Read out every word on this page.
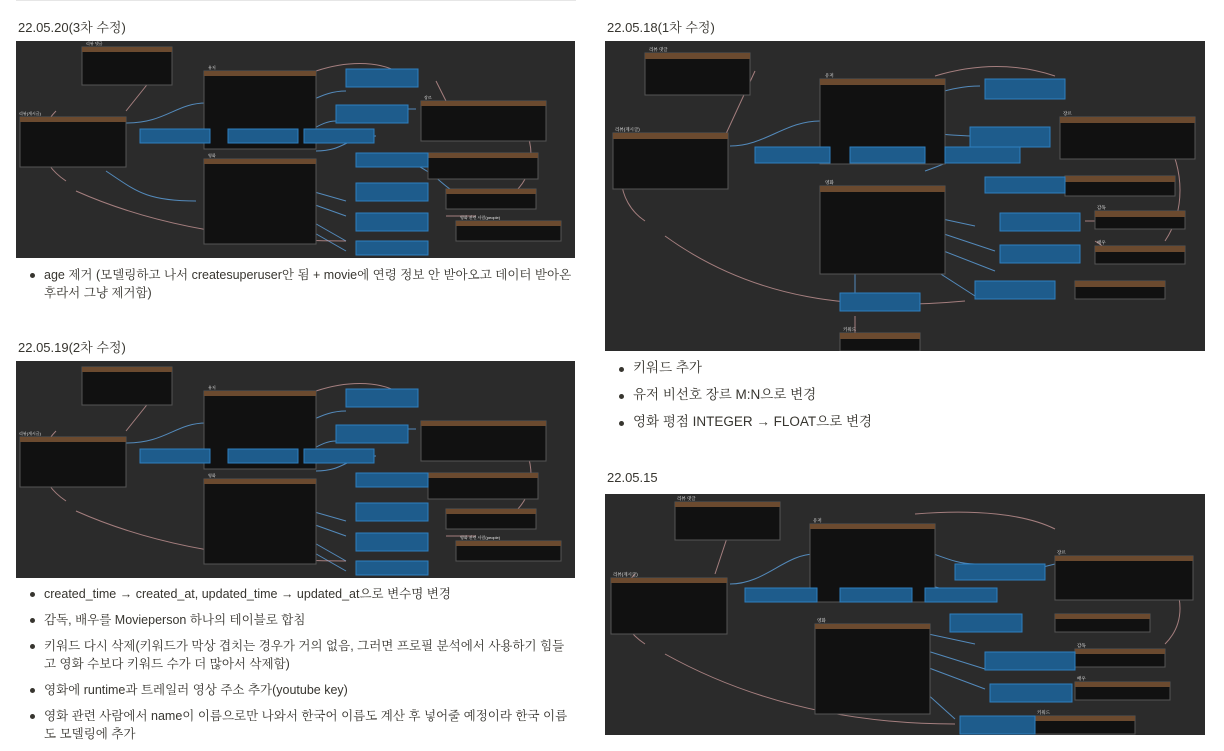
22.05.20(3차 수정)
리뷰(게시글)
리뷰 댓글
유저
영화
장르
영화 관련 사람(people)
age 제거 (모델링하고 나서 createsuperuser안 됨 + movie에 연령 정보 안 받아오고 데이터 받아온 후라서 그냥 제거함)
22.05.19(2차 수정)
리뷰(게시글)
유저
영화
영화 관련 사람(people)
created_time → created_at, updated_time → updated_at으로 변수명 변경
감독, 배우를 Movieperson 하나의 테이블로 합침
키워드 다시 삭제(키워드가 막상 겹치는 경우가 거의 없음, 그러면 프로필 분석에서 사용하기 힘들고 영화 수보다 키워드 수가 더 많아서 삭제함)
영화에 runtime과 트레일러 영상 주소 추가(youtube key)
영화 관련 사람에서 name이 이름으로만 나와서 한국어 이름도 계산 후 넣어줄 예정이라 한국 이름도 모델링에 추가
22.05.18(1차 수정)
리뷰(게시글)
리뷰 댓글
유저
영화
장르
키워드
감독
배우
키워드 추가
유저 비선호 장르 M:N으로 변경
영화 평점 INTEGER → FLOAT으로 변경
22.05.15
리뷰(게시글)
리뷰 댓글
유저
영화
장르
감독
배우
키워드
